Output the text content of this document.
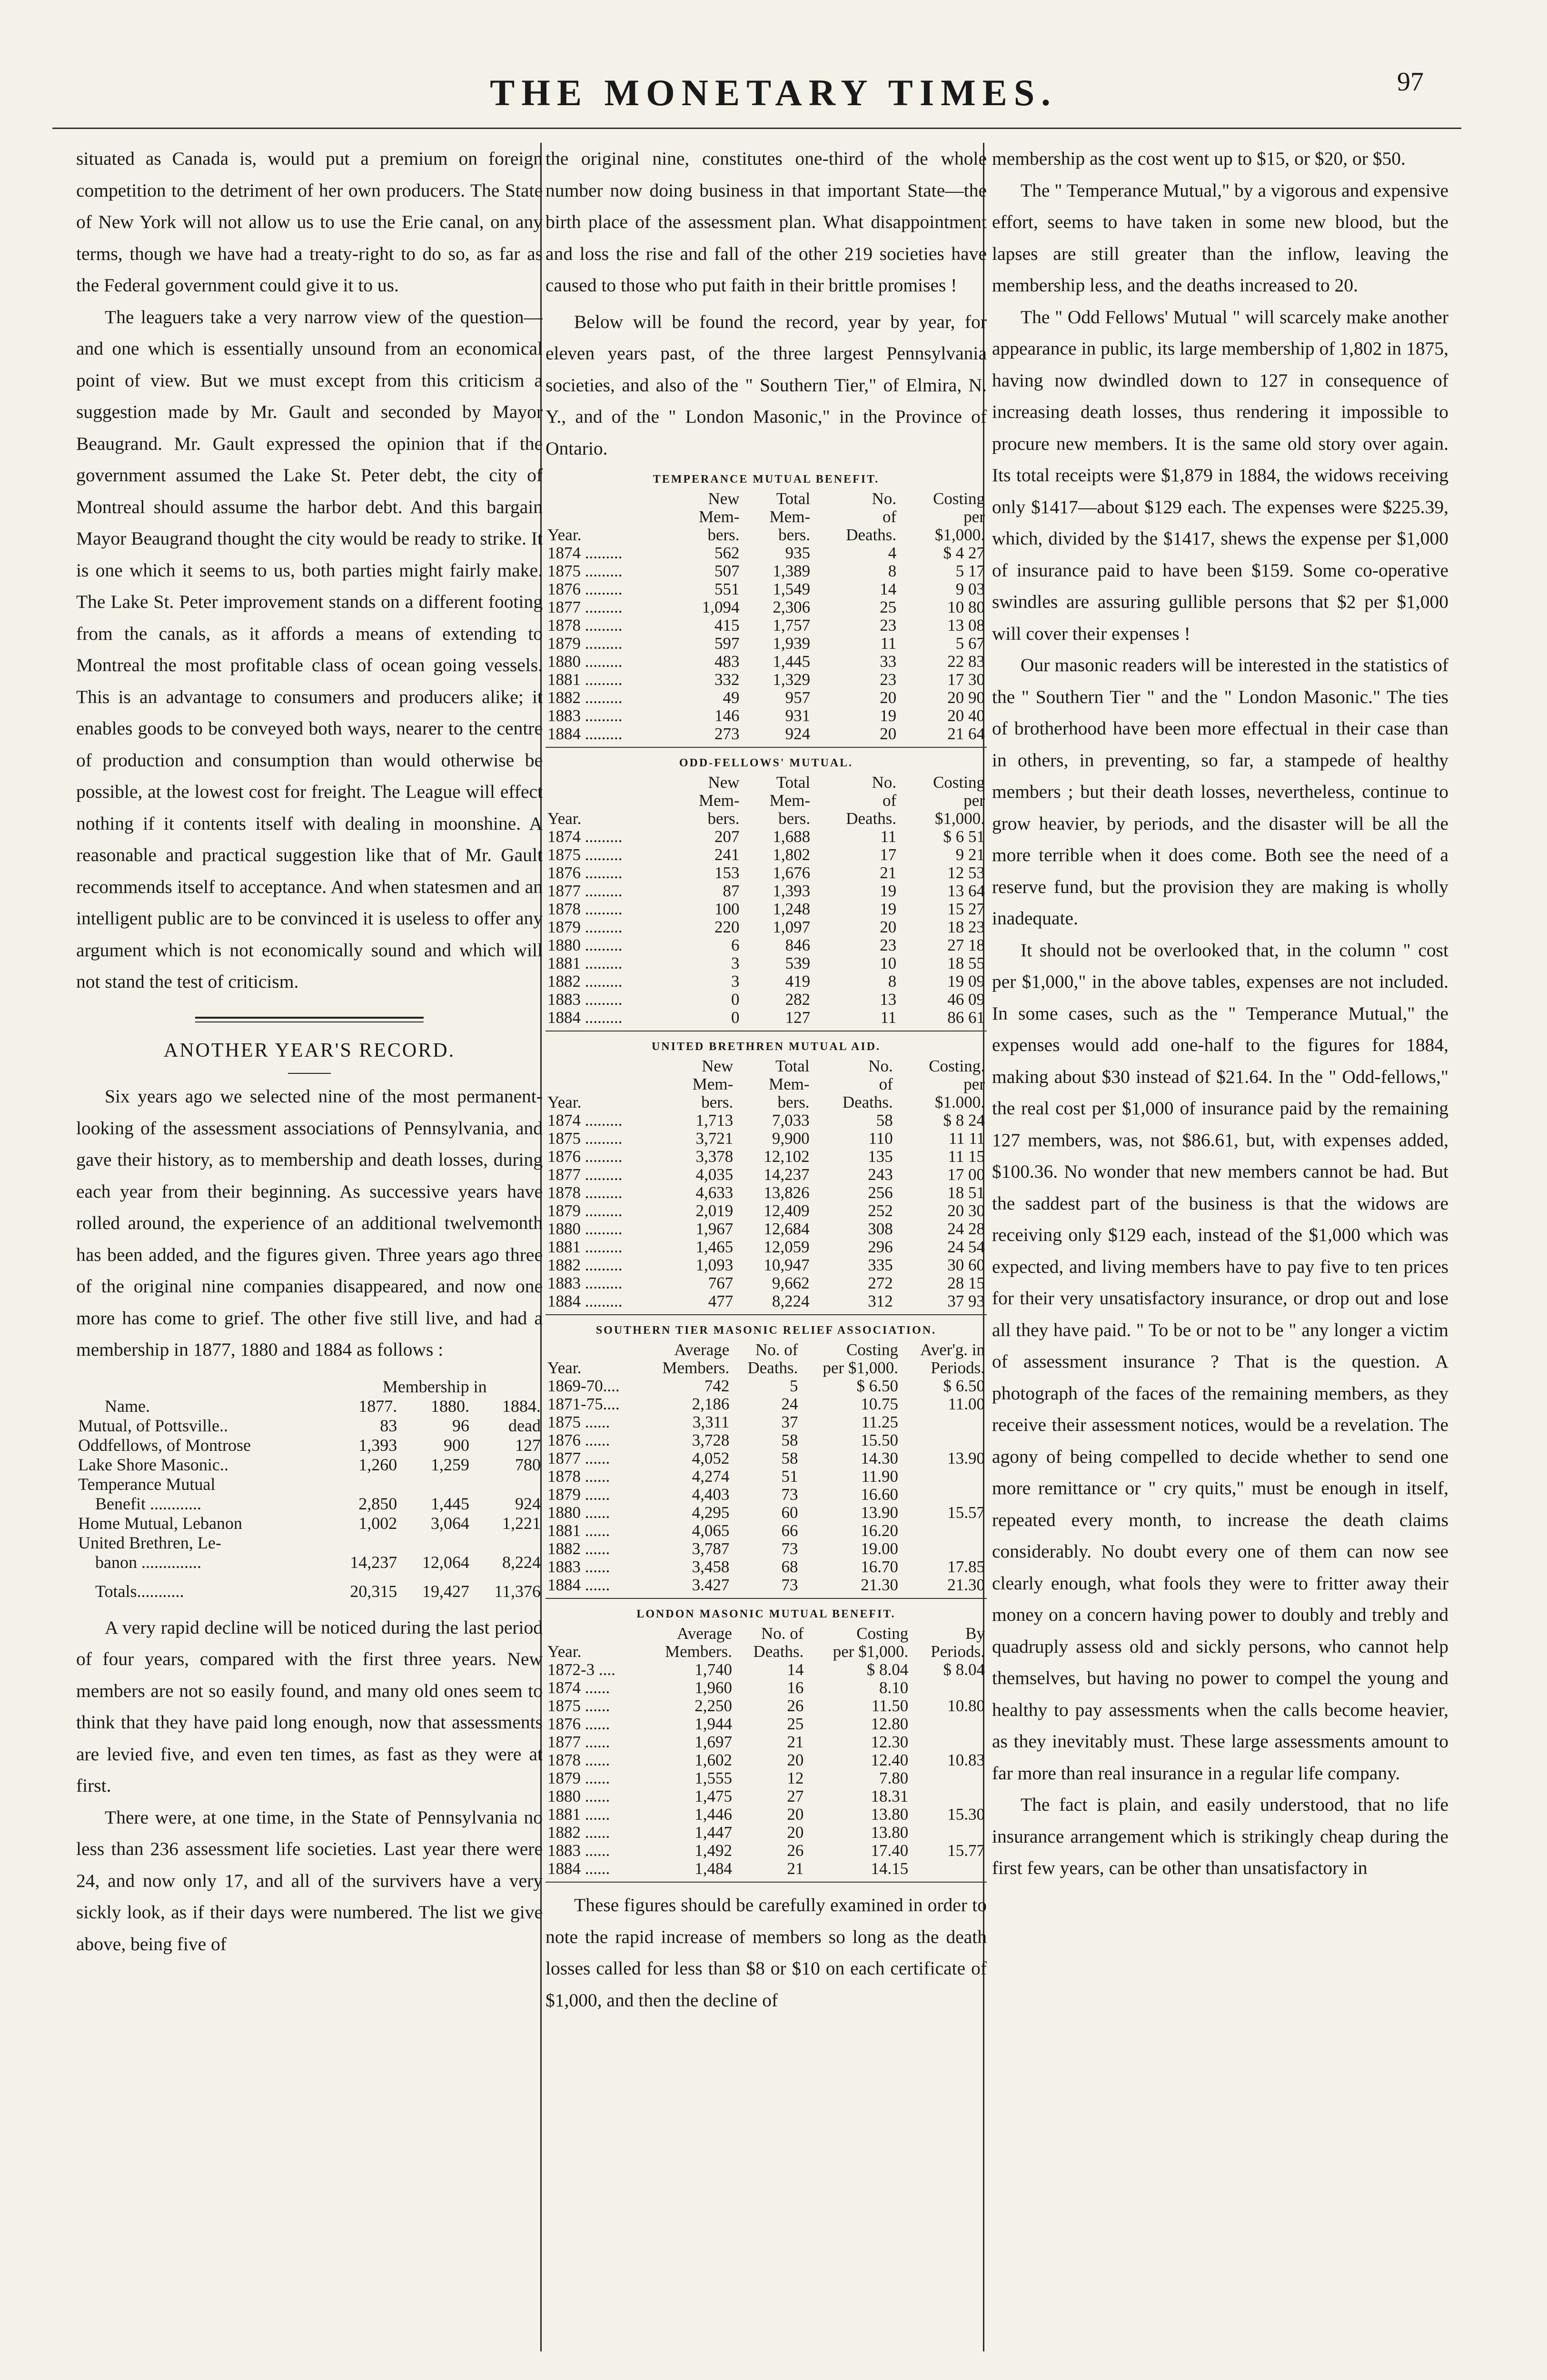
THE MONETARY TIMES.	97

situated as Canada is, would put a premium on foreign competition to the detriment of her own producers. The State of New York will not allow us to use the Erie canal, on any terms, though we have had a treaty-right to do so, as far as the Federal government could give it to us.

The leaguers take a very narrow view of the question—and one which is essentially unsound from an economical point of view. But we must except from this criticism a suggestion made by Mr. Gault and seconded by Mayor Beaugrand. Mr. Gault expressed the opinion that if the government assumed the Lake St. Peter debt, the city of Montreal should assume the harbor debt. And this bargain Mayor Beaugrand thought the city would be ready to strike. It is one which it seems to us, both parties might fairly make. The Lake St. Peter improvement stands on a different footing from the canals, as it affords a means of extending to Montreal the most profitable class of ocean going vessels. This is an advantage to consumers and producers alike; it enables goods to be conveyed both ways, nearer to the centre of production and consumption than would otherwise be possible, at the lowest cost for freight. The League will effect nothing if it contents itself with dealing in moonshine. A reasonable and practical suggestion like that of Mr. Gault recommends itself to acceptance. And when statesmen and an intelligent public are to be convinced it is useless to offer any argument which is not economically sound and which will not stand the test of criticism.

ANOTHER YEAR'S RECORD.

Six years ago we selected nine of the most permanent-looking of the assessment associations of Pennsylvania, and gave their history, as to membership and death losses, during each year from their beginning. As successive years have rolled around, the experience of an additional twelvemonth has been added, and the figures given. Three years ago three of the original nine companies disappeared, and now one more has come to grief. The other five still live, and had a membership in 1877, 1880 and 1884 as follows :

	Membership in		
Name.	1877.	1880.	1884.
Mutual, of Pottsville..	83	96	dead
Oddfellows, of Montrose	1,393	900	127
Lake Shore Masonic..	1,260	1,259	780
Temperance Mutual			
Benefit ............	2,850	1,445	924
Home Mutual, Lebanon	1,002	3,064	1,221
United Brethren, Le-			
banon ..............	14,237	12,064	8,224
Totals...........	20,315	19,427	11,376

A very rapid decline will be noticed during the last period of four years, compared with the first three years. New members are not so easily found, and many old ones seem to think that they have paid long enough, now that assessments are levied five, and even ten times, as fast as they were at first.

There were, at one time, in the State of Pennsylvania no less than 236 assessment life societies. Last year there were 24, and now only 17, and all of the survivers have a very sickly look, as if their days were numbered. The list we give above, being five of

the original nine, constitutes one-third of the whole number now doing business in that important State—the birth place of the assessment plan. What disappointment and loss the rise and fall of the other 219 societies have caused to those who put faith in their brittle promises !

Below will be found the record, year by year, for eleven years past, of the three largest Pennsylvania societies, and also of the " Southern Tier," of Elmira, N. Y., and of the " London Masonic," in the Province of Ontario.

TEMPERANCE MUTUAL BENEFIT.
	New	Total	No.	Costing
	Mem-	Mem-	of	per
Year.	bers.	bers.	Deaths.	$1,000.
1874 .........	562	935	4	$ 4 27
1875 .........	507	1,389	8	5 17
1876 .........	551	1,549	14	9 03
1877 .........	1,094	2,306	25	10 80
1878 .........	415	1,757	23	13 08
1879 .........	597	1,939	11	5 67
1880 .........	483	1,445	33	22 83
1881 .........	332	1,329	23	17 30
1882 .........	49	957	20	20 90
1883 .........	146	931	19	20 40
1884 .........	273	924	20	21 64
ODD-FELLOWS' MUTUAL.
	New	Total	No.	Costing
	Mem-	Mem-	of	per
Year.	bers.	bers.	Deaths.	$1,000.
1874 .........	207	1,688	11	$ 6 51
1875 .........	241	1,802	17	9 21
1876 .........	153	1,676	21	12 53
1877 .........	87	1,393	19	13 64
1878 .........	100	1,248	19	15 27
1879 .........	220	1,097	20	18 23
1880 .........	6	846	23	27 18
1881 .........	3	539	10	18 55
1882 .........	3	419	8	19 09
1883 .........	0	282	13	46 09
1884 .........	0	127	11	86 61
UNITED BRETHREN MUTUAL AID.
	New	Total	No.	Costing.
	Mem-	Mem-	of	per
Year.	bers.	bers.	Deaths.	$1.000.
1874 .........	1,713	7,033	58	$ 8 24
1875 .........	3,721	9,900	110	11 11
1876 .........	3,378	12,102	135	11 15
1877 .........	4,035	14,237	243	17 00
1878 .........	4,633	13,826	256	18 51
1879 .........	2,019	12,409	252	20 30
1880 .........	1,967	12,684	308	24 28
1881 .........	1,465	12,059	296	24 54
1882 .........	1,093	10,947	335	30 60
1883 .........	767	9,662	272	28 15
1884 .........	477	8,224	312	37 93
SOUTHERN TIER MASONIC RELIEF ASSOCIATION.
	Average	No. of	Costing	Aver'g. in
Year.	Members.	Deaths.	per $1,000.	Periods.
1869-70....	742	5	$ 6.50	$ 6.50
1871-75....	2,186	24	10.75	11.00
1875 ......	3,311	37	11.25	
1876 ......	3,728	58	15.50	
1877 ......	4,052	58	14.30	13.90
1878 ......	4,274	51	11.90	
1879 ......	4,403	73	16.60	
1880 ......	4,295	60	13.90	15.57
1881 ......	4,065	66	16.20	
1882 ......	3,787	73	19.00	
1883 ......	3,458	68	16.70	17.85
1884 ......	3.427	73	21.30	21.30
LONDON MASONIC MUTUAL BENEFIT.
	Average	No. of	Costing	By
Year.	Members.	Deaths.	per $1,000.	Periods.
1872-3 ....	1,740	14	$ 8.04	$ 8.04
1874 ......	1,960	16	8.10	
1875 ......	2,250	26	11.50	10.80
1876 ......	1,944	25	12.80	
1877 ......	1,697	21	12.30	
1878 ......	1,602	20	12.40	10.83
1879 ......	1,555	12	7.80	
1880 ......	1,475	27	18.31	
1881 ......	1,446	20	13.80	15.30
1882 ......	1,447	20	13.80	
1883 ......	1,492	26	17.40	15.77
1884 ......	1,484	21	14.15	

These figures should be carefully examined in order to note the rapid increase of members so long as the death losses called for less than $8 or $10 on each certificate of $1,000, and then the decline of

membership as the cost went up to $15, or $20, or $50.

The " Temperance Mutual," by a vigorous and expensive effort, seems to have taken in some new blood, but the lapses are still greater than the inflow, leaving the membership less, and the deaths increased to 20.

The " Odd Fellows' Mutual " will scarcely make another appearance in public, its large membership of 1,802 in 1875, having now dwindled down to 127 in consequence of increasing death losses, thus rendering it impossible to procure new members. It is the same old story over again. Its total receipts were $1,879 in 1884, the widows receiving only $1417—about $129 each. The expenses were $225.39, which, divided by the $1417, shews the expense per $1,000 of insurance paid to have been $159. Some co-operative swindles are assuring gullible persons that $2 per $1,000 will cover their expenses !

Our masonic readers will be interested in the statistics of the " Southern Tier " and the " London Masonic." The ties of brotherhood have been more effectual in their case than in others, in preventing, so far, a stampede of healthy members ; but their death losses, nevertheless, continue to grow heavier, by periods, and the disaster will be all the more terrible when it does come. Both see the need of a reserve fund, but the provision they are making is wholly inadequate.

It should not be overlooked that, in the column " cost per $1,000," in the above tables, expenses are not included. In some cases, such as the " Temperance Mutual," the expenses would add one-half to the figures for 1884, making about $30 instead of $21.64. In the " Odd-fellows," the real cost per $1,000 of insurance paid by the remaining 127 members, was, not $86.61, but, with expenses added, $100.36. No wonder that new members cannot be had. But the saddest part of the business is that the widows are receiving only $129 each, instead of the $1,000 which was expected, and living members have to pay five to ten prices for their very unsatisfactory insurance, or drop out and lose all they have paid. " To be or not to be " any longer a victim of assessment insurance ? That is the question. A photograph of the faces of the remaining members, as they receive their assessment notices, would be a revelation. The agony of being compelled to decide whether to send one more remittance or " cry quits," must be enough in itself, repeated every month, to increase the death claims considerably. No doubt every one of them can now see clearly enough, what fools they were to fritter away their money on a concern having power to doubly and trebly and quadruply assess old and sickly persons, who cannot help themselves, but having no power to compel the young and healthy to pay assessments when the calls become heavier, as they inevitably must. These large assessments amount to far more than real insurance in a regular life company.

The fact is plain, and easily understood, that no life insurance arrangement which is strikingly cheap during the first few years, can be other than unsatisfactory in
